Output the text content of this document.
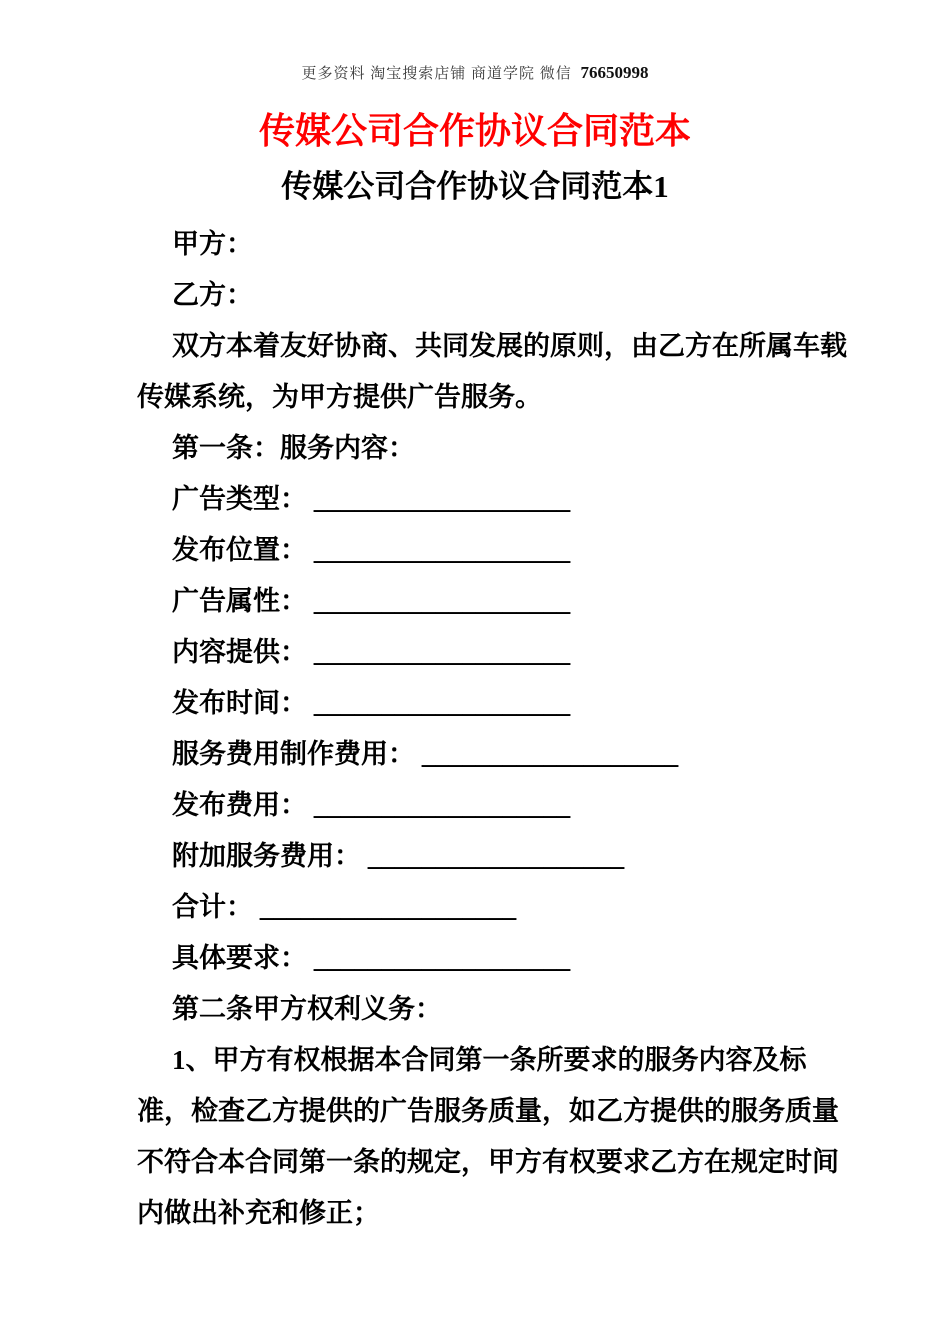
更多资料 淘宝搜索店铺 商道学院 微信 76650998
传媒公司合作协议合同范本
传媒公司合作协议合同范本1

甲方：

乙方：

双方本着友好协商、共同发展的原则，由乙方在所属车载传媒系统，为甲方提供广告服务。

第一条：服务内容：

广告类型： ___________________

发布位置： ___________________

广告属性： ___________________

内容提供： ___________________

发布时间： ___________________

服务费用制作费用： ___________________

发布费用： ___________________

附加服务费用： ___________________

合计： ___________________

具体要求： ___________________

第二条甲方权利义务：

1、甲方有权根据本合同第一条所要求的服务内容及标准，检查乙方提供的广告服务质量，如乙方提供的服务质量不符合本合同第一条的规定，甲方有权要求乙方在规定时间内做出补充和修正；
